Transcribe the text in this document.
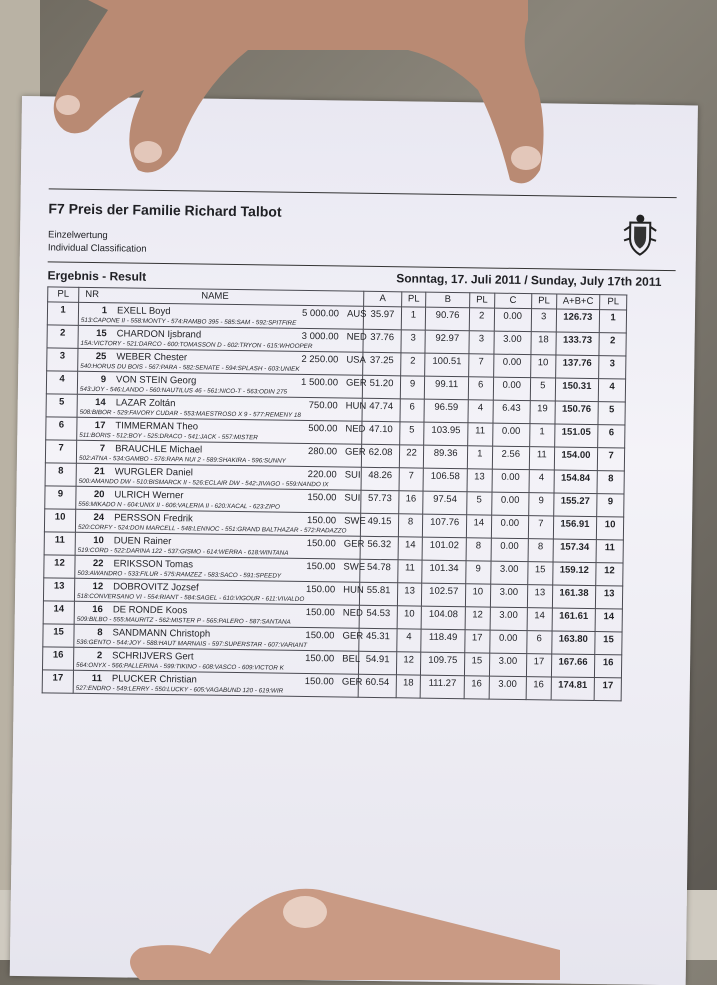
F7 Preis der Familie Richard Talbot
Einzelwertung
Individual Classification
Ergebnis - Result	Sonntag, 17. Juli 2011 / Sunday, July 17th 2011
PL	NR NAME	A	PL	B	PL	C	PL	A+B+C	PL
1	1 EXELL Boyd 5 000.00 AUS
513:CAPONE II - 558:MONTY - 574:RAMBO 395 - 585:SAM - 592:SPITFIRE	35.97	1	90.76	2	0.00	3	126.73	1
2	15 CHARDON Ijsbrand 3 000.00 NED
15A:VICTORY - 521:DARCO - 600:TOMASSON D - 602:TRYON - 615:WHOOPER	37.76	3	92.97	3	3.00	18	133.73	2
3	25 WEBER Chester 2 250.00 USA
540:HORUS DU BOIS - 567:PARA - 582:SENATE - 594:SPLASH - 603:UNIEK	37.25	2	100.51	7	0.00	10	137.76	3
4	9 VON STEIN Georg 1 500.00 GER
543:JOY - 546:LANDO - 560:NAUTILUS 46 - 561:NICO-T - 563:ODIN 275	51.20	9	99.11	6	0.00	5	150.31	4
5	14 LAZAR Zoltán 750.00 HUN
508:BIBOR - 529:FAVORY CUDAR - 553:MAESTROSO X 9 - 577:REMENY 18	47.74	6	96.59	4	6.43	19	150.76	5
6	17 TIMMERMAN Theo 500.00 NED
511:BORIS - 512:BOY - 525:DRACO - 541:JACK - 557:MISTER	47.10	5	103.95	11	0.00	1	151.05	6
7	7 BRAUCHLE Michael 280.00 GER
502:ATNA - 534:GAMBO - 576:RAPA NUI 2 - 589:SHAKIRA - 596:SUNNY	62.08	22	89.36	1	2.56	11	154.00	7
8	21 WURGLER Daniel 220.00 SUI
500:AMANDO DW - 510:BISMARCK II - 526:ECLAIR DW - 542:JIVAGO - 559:NANDO IX	48.26	7	106.58	13	0.00	4	154.84	8
9	20 ULRICH Werner 150.00 SUI
556:MIKADO N - 604:UNIX II - 606:VALERIA II - 620:XACAL - 623:ZIPO	57.73	16	97.54	5	0.00	9	155.27	9
10	24 PERSSON Fredrik 150.00 SWE
520:CORFY - 524:DON MARCELL - 548:LENNOC - 551:GRAND BALTHAZAR - 572:RADAZZO	49.15	8	107.76	14	0.00	7	156.91	10
11	10 DUEN Rainer 150.00 GER
519:CORD - 522:DARINA 122 - 537:GISMO - 614:WERRA - 618:WINTANA	56.32	14	101.02	8	0.00	8	157.34	11
12	22 ERIKSSON Tomas 150.00 SWE
503:AWANDRO - 533:FILUR - 575:RAMZEZ - 583:SACO - 591:SPEEDY	54.78	11	101.34	9	3.00	15	159.12	12
13	12 DOBROVITZ Jozsef 150.00 HUN
518:CONVERSANO VI - 554:RIANT - 584:SAGEL - 610:VIGOUR - 611:VIVALDO	55.81	13	102.57	10	3.00	13	161.38	13
14	16 DE RONDE Koos 150.00 NED
509:BILBO - 555:MAURITZ - 562:MISTER P - 565:PALERO - 587:SANTANA	54.53	10	104.08	12	3.00	14	161.61	14
15	8 SANDMANN Christoph 150.00 GER
536:GENTO - 544:JOY - 588:HAUT MARNAIS - 597:SUPERSTAR - 607:VARIANT	45.31	4	118.49	17	0.00	6	163.80	15
16	2 SCHRIJVERS Gert 150.00 BEL
564:ONYX - 566:PALLERINA - 599:TIKINO - 608:VASCO - 609:VICTOR K	54.91	12	109.75	15	3.00	17	167.66	16
17	11 PLUCKER Christian 150.00 GER
527:ENDRO - 549:LERRY - 550:LUCKY - 605:VAGABUND 120 - 619:WIR	60.54	18	111.27	16	3.00	16	174.81	17
